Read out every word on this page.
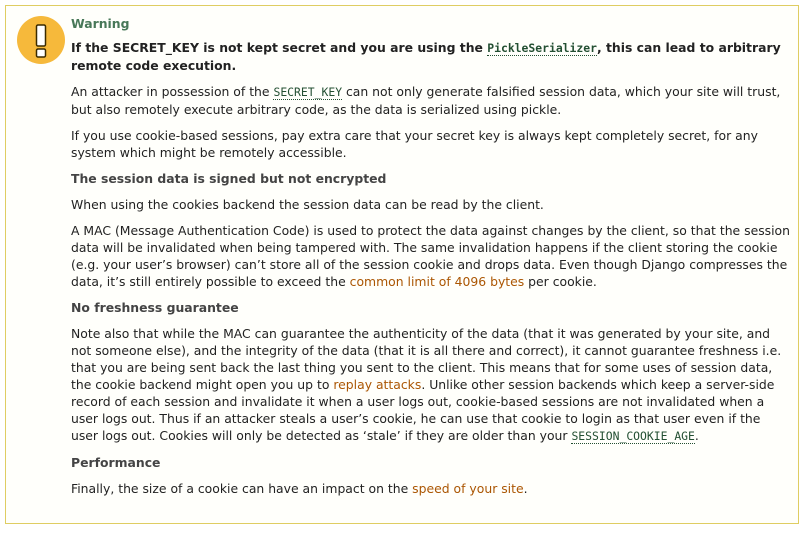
Warning

If the SECRET_KEY is not kept secret and you are using the PickleSerializer, this can lead to arbitrary remote code execution.

An attacker in possession of the SECRET_KEY can not only generate falsified session data, which your site will trust, but also remotely execute arbitrary code, as the data is serialized using pickle.

If you use cookie-based sessions, pay extra care that your secret key is always kept completely secret, for any system which might be remotely accessible.

The session data is signed but not encrypted

When using the cookies backend the session data can be read by the client.

A MAC (Message Authentication Code) is used to protect the data against changes by the client, so that the session data will be invalidated when being tampered with. The same invalidation happens if the client storing the cookie (e.g. your user’s browser) can’t store all of the session cookie and drops data. Even though Django compresses the data, it’s still entirely possible to exceed the common limit of 4096 bytes per cookie.

No freshness guarantee

Note also that while the MAC can guarantee the authenticity of the data (that it was generated by your site, and not someone else), and the integrity of the data (that it is all there and correct), it cannot guarantee freshness i.e. that you are being sent back the last thing you sent to the client. This means that for some uses of session data, the cookie backend might open you up to replay attacks. Unlike other session backends which keep a server-side record of each session and invalidate it when a user logs out, cookie-based sessions are not invalidated when a user logs out. Thus if an attacker steals a user’s cookie, he can use that cookie to login as that user even if the user logs out. Cookies will only be detected as ‘stale’ if they are older than your SESSION_COOKIE_AGE.

Performance

Finally, the size of a cookie can have an impact on the speed of your site.
